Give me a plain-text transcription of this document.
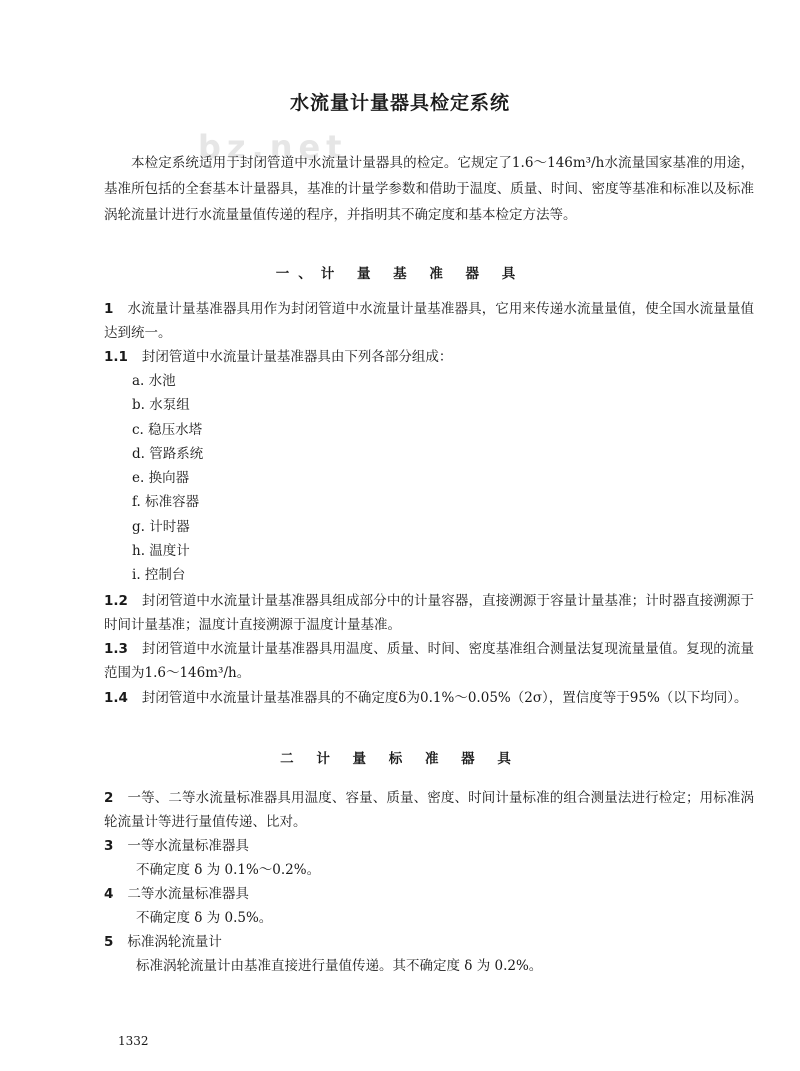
bz.net
水流量计量器具检定系统
本检定系统适用于封闭管道中水流量计量器具的检定。它规定了1.6～146m³/h水流量国家基准的用途，基准所包括的全套基本计量器具，基准的计量学参数和借助于温度、质量、时间、密度等基准和标准以及标准涡轮流量计进行水流量量值传递的程序，并指明其不确定度和基本检定方法等。
一、计 量 基 准 器 具
1 水流量计量基准器具用作为封闭管道中水流量计量基准器具，它用来传递水流量量值，使全国水流量量值达到统一。
1.1 封闭管道中水流量计量基准器具由下列各部分组成：
a. 水池
b. 水泵组
c. 稳压水塔
d. 管路系统
e. 换向器
f. 标准容器
g. 计时器
h. 温度计
i. 控制台
1.2 封闭管道中水流量计量基准器具组成部分中的计量容器，直接溯源于容量计量基准；计时器直接溯源于时间计量基准；温度计直接溯源于温度计量基准。
1.3 封闭管道中水流量计量基准器具用温度、质量、时间、密度基准组合测量法复现流量量值。复现的流量范围为1.6～146m³/h。
1.4 封闭管道中水流量计量基准器具的不确定度δ为0.1%～0.05%（2σ），置信度等于95%（以下均同）。
二 计 量 标 准 器 具
2 一等、二等水流量标准器具用温度、容量、质量、密度、时间计量标准的组合测量法进行检定；用标准涡轮流量计等进行量值传递、比对。
3 一等水流量标准器具
不确定度 δ 为 0.1%～0.2%。
4 二等水流量标准器具
不确定度 δ 为 0.5%。
5 标准涡轮流量计
标准涡轮流量计由基准直接进行量值传递。其不确定度 δ 为 0.2%。
1332
